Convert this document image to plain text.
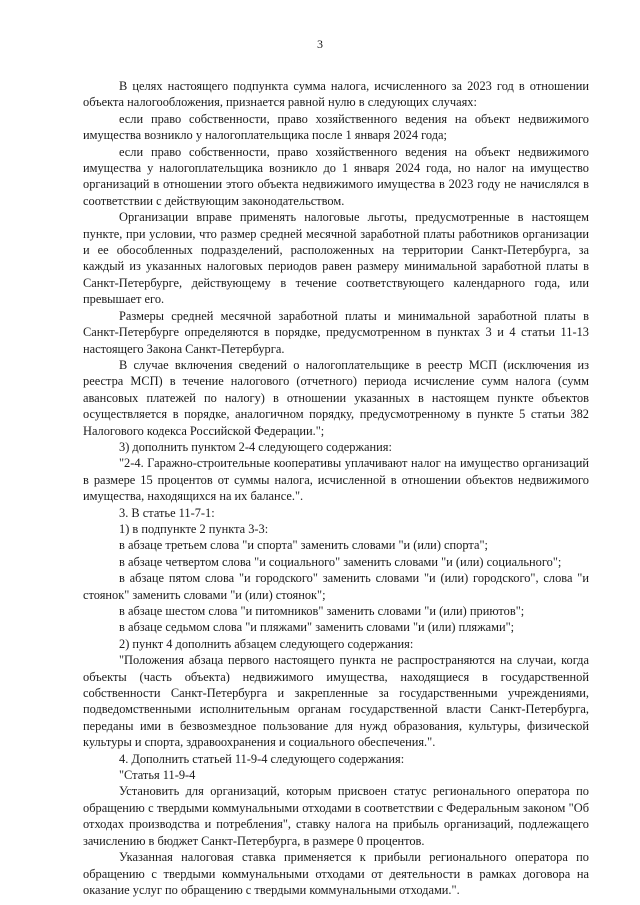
3

В целях настоящего подпункта сумма налога, исчисленного за 2023 год в отношении объекта налогообложения, признается равной нулю в следующих случаях:

если право собственности, право хозяйственного ведения на объект недвижимого имущества возникло у налогоплательщика после 1 января 2024 года;

если право собственности, право хозяйственного ведения на объект недвижимого имущества у налогоплательщика возникло до 1 января 2024 года, но налог на имущество организаций в отношении этого объекта недвижимого имущества в 2023 году не начислялся в соответствии с действующим законодательством.

Организации вправе применять налоговые льготы, предусмотренные в настоящем пункте, при условии, что размер средней месячной заработной платы работников организации и ее обособленных подразделений, расположенных на территории Санкт-Петербурга, за каждый из указанных налоговых периодов равен размеру минимальной заработной платы в Санкт-Петербурге, действующему в течение соответствующего календарного года, или превышает его.

Размеры средней месячной заработной платы и минимальной заработной платы в Санкт-Петербурге определяются в порядке, предусмотренном в пунктах 3 и 4 статьи 11-13 настоящего Закона Санкт-Петербурга.

В случае включения сведений о налогоплательщике в реестр МСП (исключения из реестра МСП) в течение налогового (отчетного) периода исчисление сумм налога (сумм авансовых платежей по налогу) в отношении указанных в настоящем пункте объектов осуществляется в порядке, аналогичном порядку, предусмотренному в пункте 5 статьи 382 Налогового кодекса Российской Федерации.";

3) дополнить пунктом 2-4 следующего содержания:

"2-4. Гаражно-строительные кооперативы уплачивают налог на имущество организаций в размере 15 процентов от суммы налога, исчисленной в отношении объектов недвижимого имущества, находящихся на их балансе.".

3. В статье 11-7-1:

1) в подпункте 2 пункта 3-3:

в абзаце третьем слова "и спорта" заменить словами "и (или) спорта";

в абзаце четвертом слова "и социального" заменить словами "и (или) социального";

в абзаце пятом слова "и городского" заменить словами "и (или) городского", слова "и стоянок" заменить словами "и (или) стоянок";

в абзаце шестом слова "и питомников" заменить словами "и (или) приютов";

в абзаце седьмом слова "и пляжами" заменить словами "и (или) пляжами";

2) пункт 4 дополнить абзацем следующего содержания:

"Положения абзаца первого настоящего пункта не распространяются на случаи, когда объекты (часть объекта) недвижимого имущества, находящиеся в государственной собственности Санкт-Петербурга и закрепленные за государственными учреждениями, подведомственными исполнительным органам государственной власти Санкт-Петербурга, переданы ими в безвозмездное пользование для нужд образования, культуры, физической культуры и спорта, здравоохранения и социального обеспечения.".

4. Дополнить статьей 11-9-4 следующего содержания:

"Статья 11-9-4

Установить для организаций, которым присвоен статус регионального оператора по обращению с твердыми коммунальными отходами в соответствии с Федеральным законом "Об отходах производства и потребления", ставку налога на прибыль организаций, подлежащего зачислению в бюджет Санкт-Петербурга, в размере 0 процентов.

Указанная налоговая ставка применяется к прибыли регионального оператора по обращению с твердыми коммунальными отходами от деятельности в рамках договора на оказание услуг по обращению с твердыми коммунальными отходами.".
